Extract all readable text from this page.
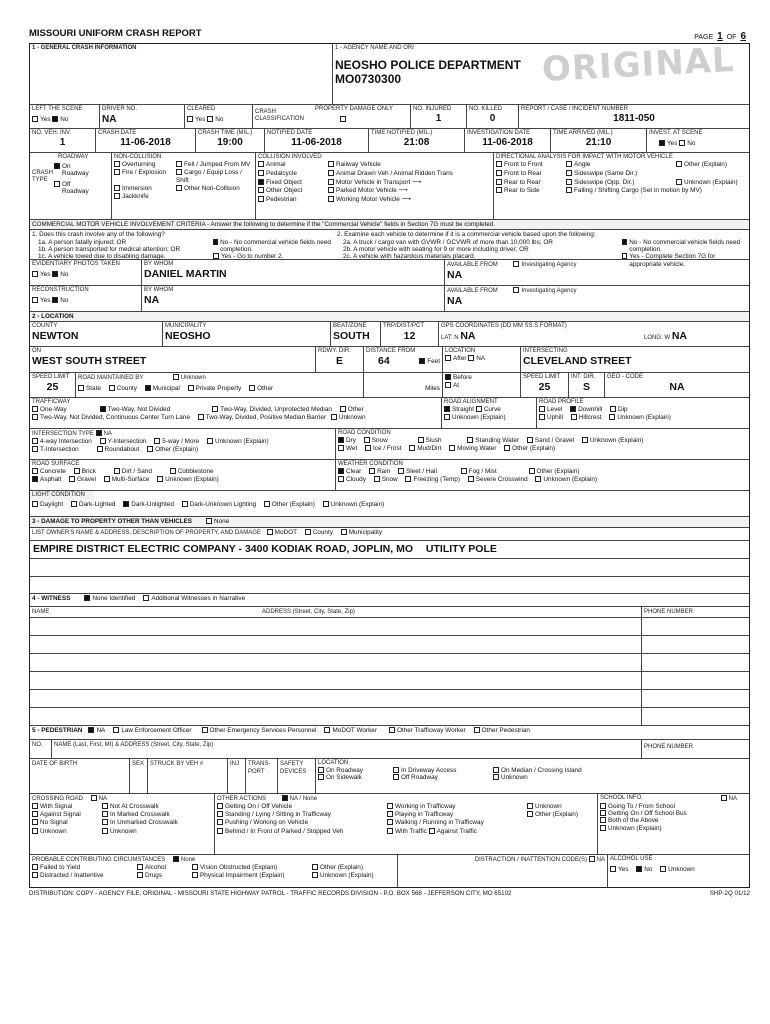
MISSOURI UNIFORM CRASH REPORT	PAGE 1 OF 6
1 - GENERAL CRASH INFORMATION	1 - AGENCY NAME AND ORI
NEOSHO POLICE DEPARTMENT
MO0730300	ORIGINAL
LEFT THE SCENE
Yes No
DRIVER NO.
NA
CLEARED
Yes No
CRASH
CLASSIFICATION
PROPERTY DAMAGE ONLY	NO. INJURED
1
NO. KILLED
0
REPORT / CASE / INCIDENT NUMBER
1811-050
NO. VEH. INV.
1
CRASH DATE
11-06-2018
CRASH TIME (MIL.)
19:00
NOTIFIED DATE
11-06-2018
TIME NOTIFIED (MIL.)
21:08
INVESTIGATION DATE
11-06-2018
TIME ARRIVED (MIL.)
21:10
INVEST. AT SCENE
Yes No
CRASH
TYPE
ROADWAY
On Roadway
Off Roadway
NON-COLLISION
Overturning	Fell / Jumped From MV
Fire / Explosion	Cargo / Equip Loss / Shift
Immersion	Other Non-Collision
Jackknife
COLLISION INVOLVED
Animal	Railway Vehicle
Pedalcycle	Animal Drawn Veh / Animal Ridden Trans
Fixed Object	Motor Vehicle in Transport ⟶
Other Object	Parked Motor Vehicle ⟶
Pedestrian	Working Motor Vehicle ⟶
DIRECTIONAL ANALYSIS FOR IMPACT WITH MOTOR VEHICLE
Front to Front	Angle	Other (Explain)
Front to Rear	Sideswipe (Same Dir.)
Rear to Rear	Sideswipe (Opp. Dir.)	Unknown (Explain)
Rear to Side	Falling / Shifting Cargo (Set in motion by MV)
COMMERCIAL MOTOR VEHICLE INVOLVEMENT CRITERIA - Answer the following to determine if the "Commercial Vehicle" fields in Section 7G must be completed.
1. Does this crash involve any of the following?
1a. A person fatally injured; OR
1b. A person transported for medical attention; OR
1c. A vehicle towed due to disabling damage.
No - No commercial vehicle fields need completion.
Yes - Go to number 2.
2. Examine each vehicle to determine if it is a commercial vehicle based upon the following:
2a. A truck / cargo van with GVWR / GCVWR of more than 10,000 lbs; OR
2b. A motor vehicle with seating for 9 or more including driver; OR
2c. A vehicle with hazardous materials placard.
No - No commercial vehicle fields need completion.
Yes - Complete Section 7G for appropriate vehicle.
EVIDENTIARY PHOTOS TAKEN
Yes No
BY WHOM
DANIEL MARTIN
AVAILABLE FROM	Investigating Agency
NA
RECONSTRUCTION
Yes No
BY WHOM
NA
AVAILABLE FROM	Investigating Agency
NA
2 - LOCATION
COUNTY
NEWTON
MUNICIPALITY
NEOSHO
BEAT/ZONE
SOUTH
TRP/DIST/PCT
12
GPS COORDINATES (DD MM SS.S FORMAT)
LAT: N NA	LONG: W NA
ON
WEST SOUTH STREET
RDWY. DIR.
E
DISTANCE FROM
64	Feet
LOCATION
After NA
INTERSECTING
CLEVELAND STREET
SPEED LIMIT
25
ROAD MAINTAINED BY	Unknown
State County Municipal Private Property Other	Miles
Before
At
SPEED LIMIT
25
INT. DIR.
S
GEO - CODE
NA
TRAFFICWAY
One-Way	Two-Way, Not Divided	Two-Way, Divided, Unprotected Median Other
Two-Way, Not Divided, Continuous Center Turn Lane Two-Way, Divided, Positive Median Barrier Unknown
ROAD ALIGNMENT
Straight Curve
Unknown (Explain)
ROAD PROFILE
Level Downhill Dip
Uphill Hillcrest Unknown (Explain)
INTERSECTION TYPE NA
4-way Intersection Y-Intersection 5-way / More Unknown (Explain)
T-Intersection	Roundabout Other (Explain)
ROAD CONDITION
Dry Snow	Slush	Standing Water Sand / Gravel Unknown (Explain)
Wet Ice / Frost Mud/Dirt Moving Water Other (Explain)
ROAD SURFACE
Concrete Brick	Dirt / Sand	Cobblestone
Asphalt Gravel Multi-Surface Unknown (Explain)
WEATHER CONDITION
Clear Rain Sleet / Hail	Fog / Mist	Other (Explain)
Cloudy Snow Freezing (Temp) Severe Crosswind Unknown (Explain)
LIGHT CONDITION
Daylight Dark-Lighted Dark-Unlighted Dark-Unknown Lighting Other (Explain) Unknown (Explain)
3 - DAMAGE TO PROPERTY OTHER THAN VEHICLES	None
LIST OWNER'S NAME & ADDRESS, DESCRIPTION OF PROPERTY, AND DAMAGE MoDOT County Municipality
EMPIRE DISTRICT ELECTRIC COMPANY - 3400 KODIAK ROAD, JOPLIN, MO UTILITY POLE
4 - WITNESS	None Identified	Additional Witnesses in Narrative
NAME	ADDRESS (Street, City, State, Zip)	PHONE NUMBER
5 - PEDESTRIAN	NA	Law Enforcement Officer	Other Emergency Services Personnel	MoDOT Worker	Other Trafficway Worker	Other Pedestrian
NO.	NAME (Last, First, MI) & ADDRESS (Street, City, State, Zip)	PHONE NUMBER
DATE OF BIRTH	SEX STRUCK BY VEH #	INJ	TRANS-
PORT
SAFETY
DEVICES
LOCATION
On Roadway	In Driveway Access	On Median / Crossing Island
On Sidewalk	Off Roadway	Unknown
CROSSING ROAD	NA
With Signal	Not At Crosswalk
Against Signal	In Marked Crosswalk
No Signal	In Unmarked Crosswalk
Unknown	Unknown
OTHER ACTIONS	NA / None
Getting On / Off Vehicle	Working in Trafficway	Unknown
Standing / Lying / Sitting in Trafficway	Playing in Trafficway	Other (Explain)
Pushing / Working on Vehicle	Walking / Running in Trafficway
Behind / In Front of Parked / Stopped Veh	With Traffic Against Traffic
SCHOOL INFO.	NA
Going To / From School
Getting On / Off School Bus
Both of the Above
Unknown (Explain)
PROBABLE CONTRIBUTING CIRCUMSTANCES	None
Failed to Yield	Alcohol	Vision Obstructed (Explain)	Other (Explain)
Distracted / Inattentive	Drugs	Physical Impairment (Explain)	Unknown (Explain)
DISTRACTION / INATTENTION CODE(S) NA ALCOHOL USE
Yes No Unknown
DISTRIBUTION: COPY - AGENCY FILE; ORIGINAL - MISSOURI STATE HIGHWAY PATROL - TRAFFIC RECORDS DIVISION - P.O. BOX 568 - JEFFERSON CITY, MO 65102	SHP-2Q 01/12
